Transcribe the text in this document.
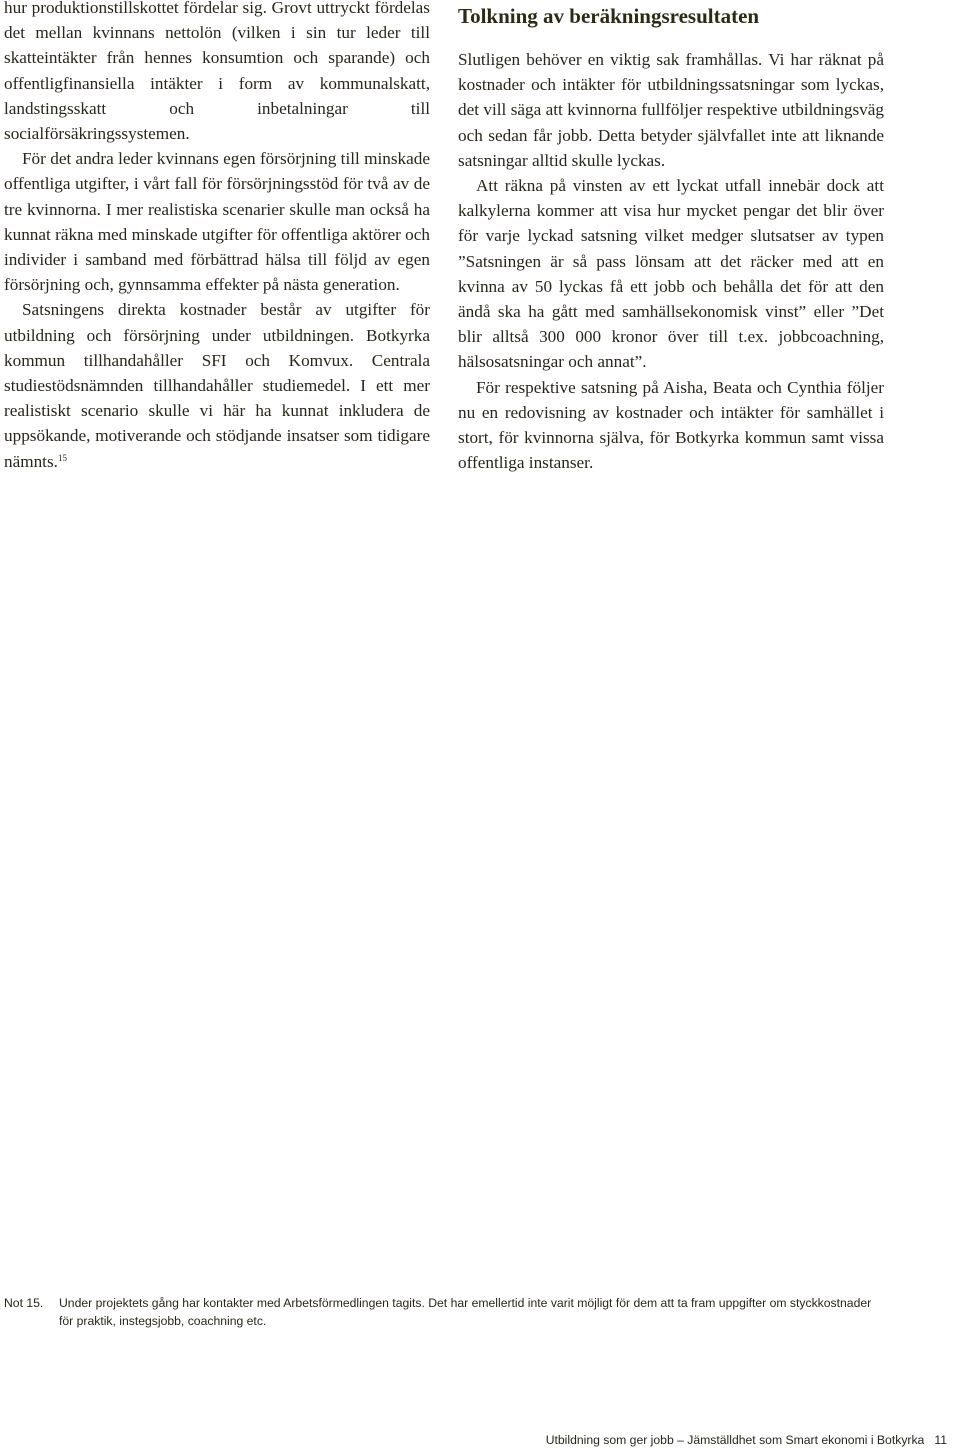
hur produktionstillskottet fördelar sig. Grovt uttryckt fördelas det mellan kvinnans nettolön (vilken i sin tur leder till skatteintäkter från hennes konsumtion och sparande) och offentligfinansiella intäkter i form av kommunalskatt, landstingsskatt och inbetalningar till socialförsäkringssystemen.

För det andra leder kvinnans egen försörjning till minskade offentliga utgifter, i vårt fall för försörjningsstöd för två av de tre kvinnorna. I mer realistiska scenarier skulle man också ha kunnat räkna med minskade utgifter för offentliga aktörer och individer i samband med förbättrad hälsa till följd av egen försörjning och, gynnsamma effekter på nästa generation.

Satsningens direkta kostnader består av utgifter för utbildning och försörjning under utbildningen. Botkyrka kommun tillhandahåller SFI och Komvux. Centrala studiestödsnämnden tillhandahåller studiemedel. I ett mer realistiskt scenario skulle vi här ha kunnat inkludera de uppsökande, motiverande och stödjande insatser som tidigare nämnts.$^{15}$

Tolkning av beräkningsresultaten

Slutligen behöver en viktig sak framhållas. Vi har räknat på kostnader och intäkter för utbildningssatsningar som lyckas, det vill säga att kvinnorna fullföljer respektive utbildningsväg och sedan får jobb. Detta betyder självfallet inte att liknande satsningar alltid skulle lyckas.

Att räkna på vinsten av ett lyckat utfall innebär dock att kalkylerna kommer att visa hur mycket pengar det blir över för varje lyckad satsning vilket medger slutsatser av typen ”Satsningen är så pass lönsam att det räcker med att en kvinna av 50 lyckas få ett jobb och behålla det för att den ändå ska ha gått med samhällsekonomisk vinst” eller ”Det blir alltså 300 000 kronor över till t.ex. jobbcoachning, hälsosatsningar och annat”.

För respektive satsning på Aisha, Beata och Cynthia följer nu en redovisning av kostnader och intäkter för samhället i stort, för kvinnorna själva, för Botkyrka kommun samt vissa offentliga instanser.

Not 15. Under projektets gång har kontakter med Arbetsförmedlingen tagits. Det har emellertid inte varit möjligt för dem att ta fram uppgifter om styckkostnader för praktik, instegsjobb, coachning etc.
Utbildning som ger jobb – Jämställdhet som Smart ekonomi i Botkyrka 11
